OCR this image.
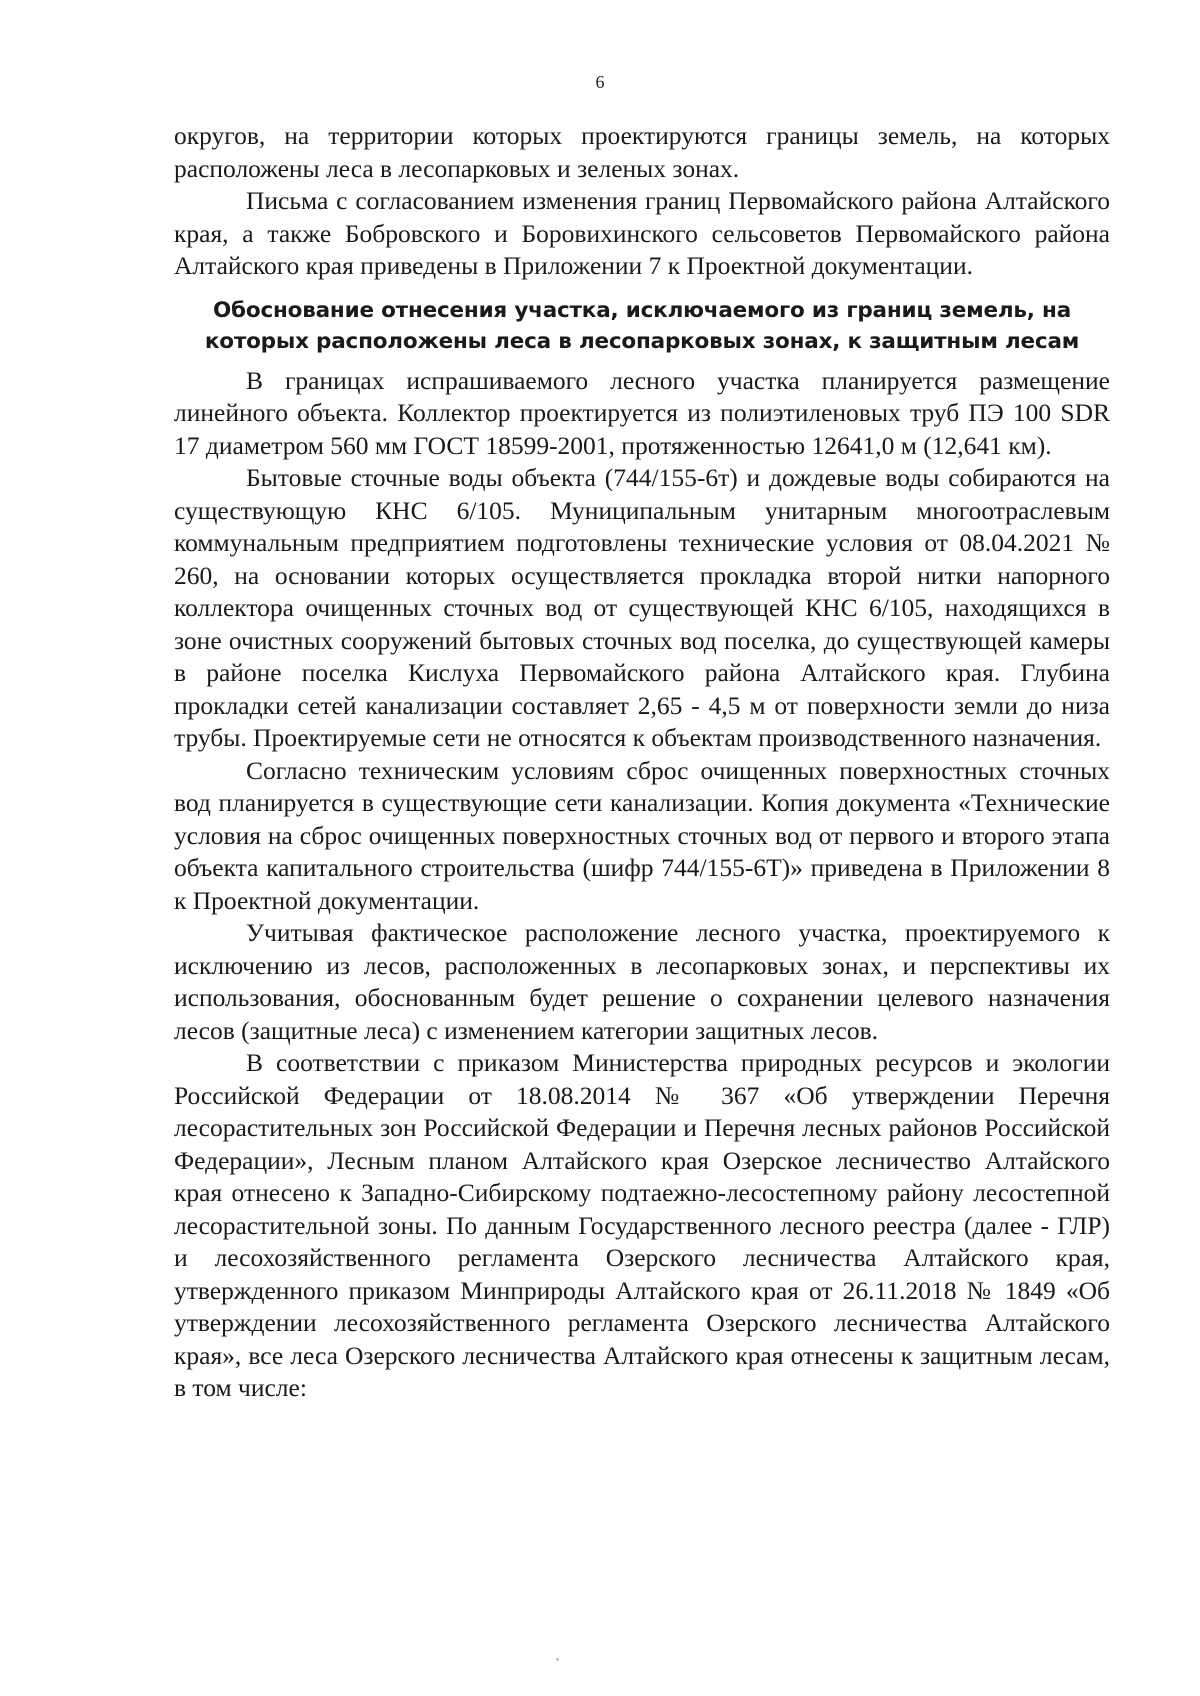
6

округов, на территории которых проектируются границы земель, на которых расположены леса в лесопарковых и зеленых зонах.

Письма с согласованием изменения границ Первомайского района Алтайского края, а также Бобровского и Боровихинского сельсоветов Первомайского района Алтайского края приведены в Приложении 7 к Проектной документации.

Обоснование отнесения участка, исключаемого из границ земель, на
которых расположены леса в лесопарковых зонах, к защитным лесам

В границах испрашиваемого лесного участка планируется размещение линейного объекта. Коллектор проектируется из полиэтиленовых труб ПЭ 100 SDR 17 диаметром 560 мм ГОСТ 18599-2001, протяженностью 12641,0 м (12,641 км).

Бытовые сточные воды объекта (744/155-6т) и дождевые воды собираются на существующую КНС 6/105. Муниципальным унитарным многоотраслевым коммунальным предприятием подготовлены технические условия от 08.04.2021 № 260, на основании которых осуществляется прокладка второй нитки напорного коллектора очищенных сточных вод от существующей КНС 6/105, находящихся в зоне очистных сооружений бытовых сточных вод поселка, до существующей камеры в районе поселка Кислуха Первомайского района Алтайского края. Глубина прокладки сетей канализации составляет 2,65 - 4,5 м от поверхности земли до низа трубы. Проектируемые сети не относятся к объектам производственного назначения.

Согласно техническим условиям сброс очищенных поверхностных сточных вод планируется в существующие сети канализации. Копия документа «Технические условия на сброс очищенных поверхностных сточных вод от первого и второго этапа объекта капитального строительства (шифр 744/155-6Т)» приведена в Приложении 8 к Проектной документации.

Учитывая фактическое расположение лесного участка, проектируемого к исключению из лесов, расположенных в лесопарковых зонах, и перспективы их использования, обоснованным будет решение о сохранении целевого назначения лесов (защитные леса) с изменением категории защитных лесов.

В соответствии с приказом Министерства природных ресурсов и экологии Российской Федерации от 18.08.2014 № 367 «Об утверждении Перечня лесорастительных зон Российской Федерации и Перечня лесных районов Российской Федерации», Лесным планом Алтайского края Озерское лесничество Алтайского края отнесено к Западно-Сибирскому подтаежно-лесостепному району лесостепной лесорастительной зоны. По данным Государственного лесного реестра (далее - ГЛР) и лесохозяйственного регламента Озерского лесничества Алтайского края, утвержденного приказом Минприроды Алтайского края от 26.11.2018 № 1849 «Об утверждении лесохозяйственного регламента Озерского лесничества Алтайского края», все леса Озерского лесничества Алтайского края отнесены к защитным лесам, в том числе:
